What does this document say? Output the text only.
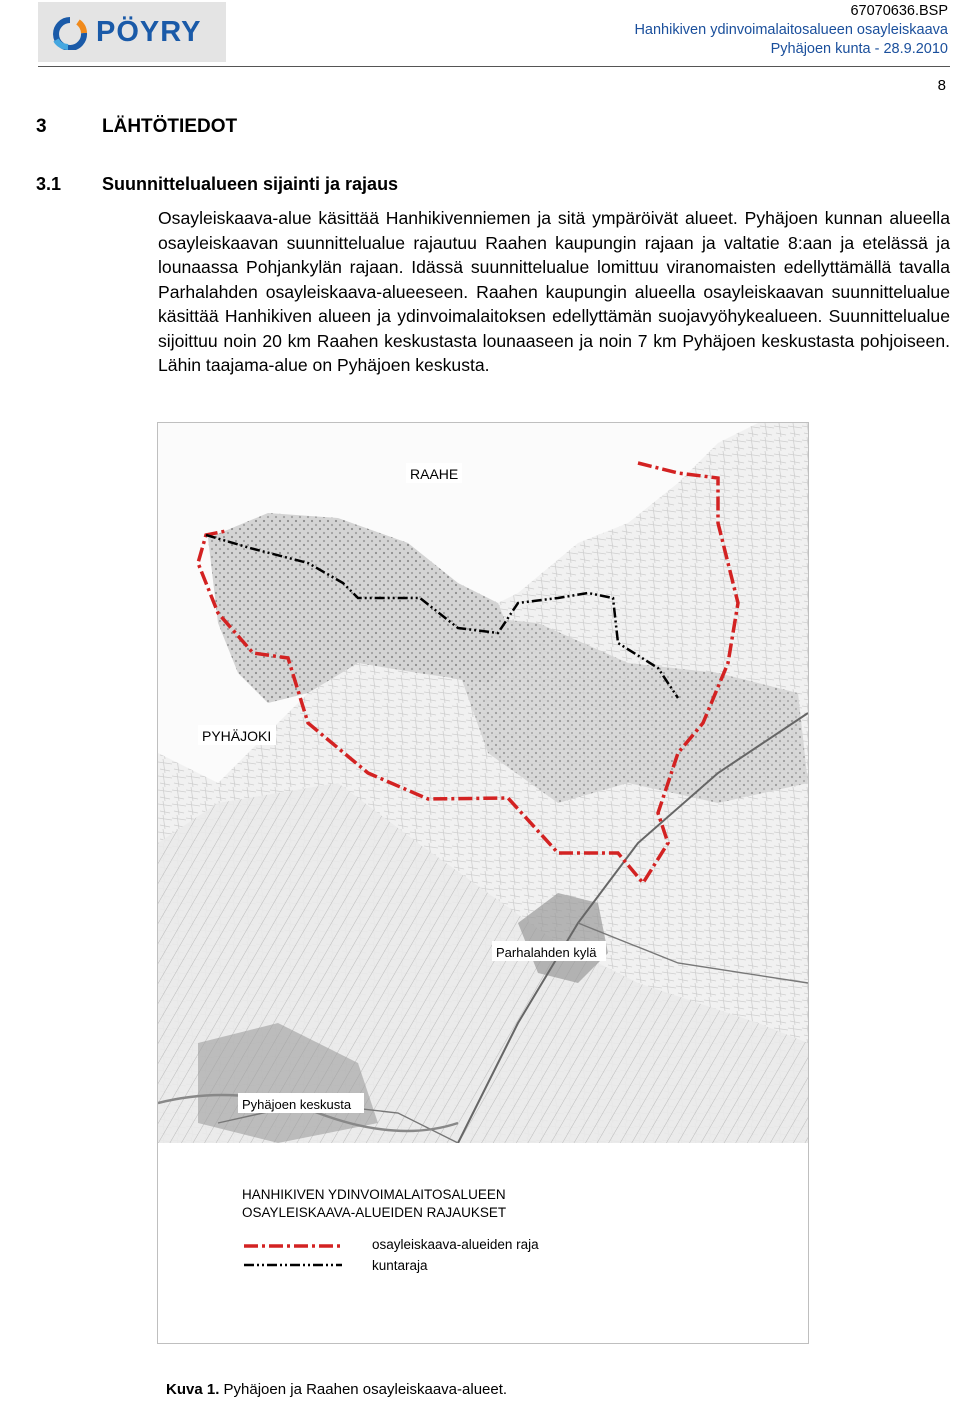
PÖYRY
67070636.BSP
Hanhikiven ydinvoimalaitosalueen osayleiskaava
Pyhäjoen kunta - 28.9.2010
8
3	LÄHTÖTIEDOT
3.1 Suunnittelualueen sijainti ja rajaus
Osayleiskaava-alue käsittää Hanhikivenniemen ja sitä ympäröivät alueet. Pyhäjoen kunnan alueella osayleiskaavan suunnittelualue rajautuu Raahen kaupungin rajaan ja valtatie 8:aan ja etelässä ja lounaassa Pohjankylän rajaan. Idässä suunnittelualue lomittuu viranomaisten edellyttämällä tavalla Parhalahden osayleiskaava-alueeseen. Raahen kaupungin alueella osayleiskaavan suunnittelualue käsittää Hanhikiven alueen ja ydinvoimalaitoksen edellyttämän suojavyöhykealueen. Suunnittelualue sijoittuu noin 20 km Raahen keskustasta lounaaseen ja noin 7 km Pyhäjoen keskustasta pohjoiseen. Lähin taajama-alue on Pyhäjoen keskusta.
RAAHE
PYHÄJOKI
Parhalahden kylä
Pyhäjoen keskusta
HANHIKIVEN YDINVOIMALAITOSALUEEN
OSAYLEISKAAVA-ALUEIDEN RAJAUKSET
osayleiskaava-alueiden raja
kuntaraja
Kuva 1. Pyhäjoen ja Raahen osayleiskaava-alueet.
